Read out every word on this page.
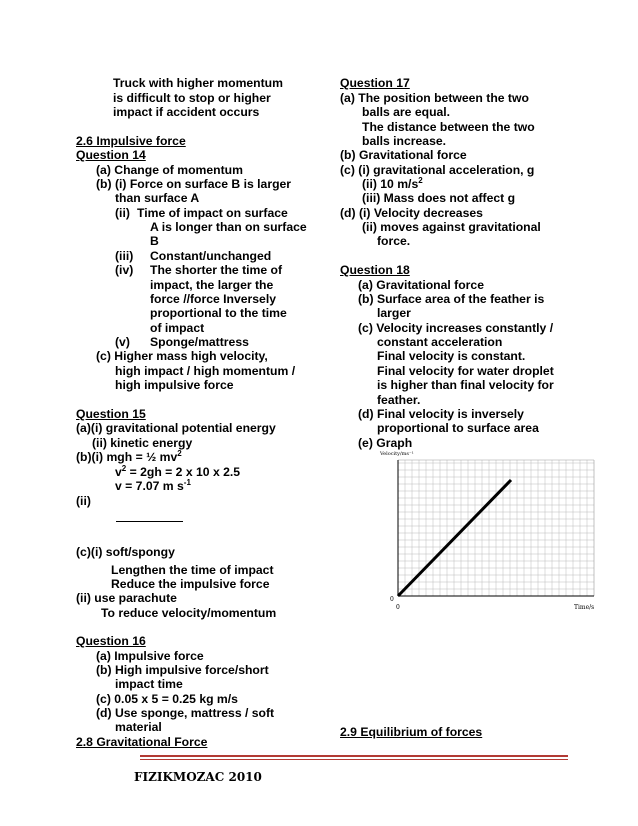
Truck with higher momentum
is difficult to stop or higher
impact if accident occurs
2.6 Impulsive force
Question 14
(a) Change of momentum
(b) (i) Force on surface B is larger
than surface A
(ii) Time of impact on surface
A is longer than on surface
B
(iii) Constant/unchanged
(iv) The shorter the time of
impact, the larger the
force //force Inversely
proportional to the time
of impact
(v) Sponge/mattress
(c) Higher mass high velocity,
high impact / high momentum /
high impulsive force
Question 15
(a)(i) gravitational potential energy
(ii) kinetic energy
(b)(i) mgh = ½ $mv^2$
$v^2 = 2gh = 2$ x 10 x 2.5
v = 7.07 m $s^{-1}$
(ii)
(c)(i) soft/spongy
Lengthen the time of impact
Reduce the impulsive force
(ii) use parachute
To reduce velocity/momentum
Question 16
(a) Impulsive force
(b) High impulsive force/short
impact time
(c) 0.05 x 5 = 0.25 kg m/s
(d) Use sponge, mattress / soft
material
2.8 Gravitational Force
Question 17
(a) The position between the two
balls are equal.
The distance between the two
balls increase.
(b) Gravitational force
(c) (i) gravitational acceleration, g
(ii) 10 $m/s^2$
(iii) Mass does not affect g
(d) (i) Velocity decreases
(ii) moves against gravitational
force.
Question 18
(a) Gravitational force
(b) Surface area of the feather is
larger
(c) Velocity increases constantly /
constant acceleration
Final velocity is constant.
Final velocity for water droplet
is higher than final velocity for
feather.
(d) Final velocity is inversely
proportional to surface area
(e) Graph
Velocity/ms⁻¹
0
0	Time/s
2.9 Equilibrium of forces
FIZIKMOZAC 2010
